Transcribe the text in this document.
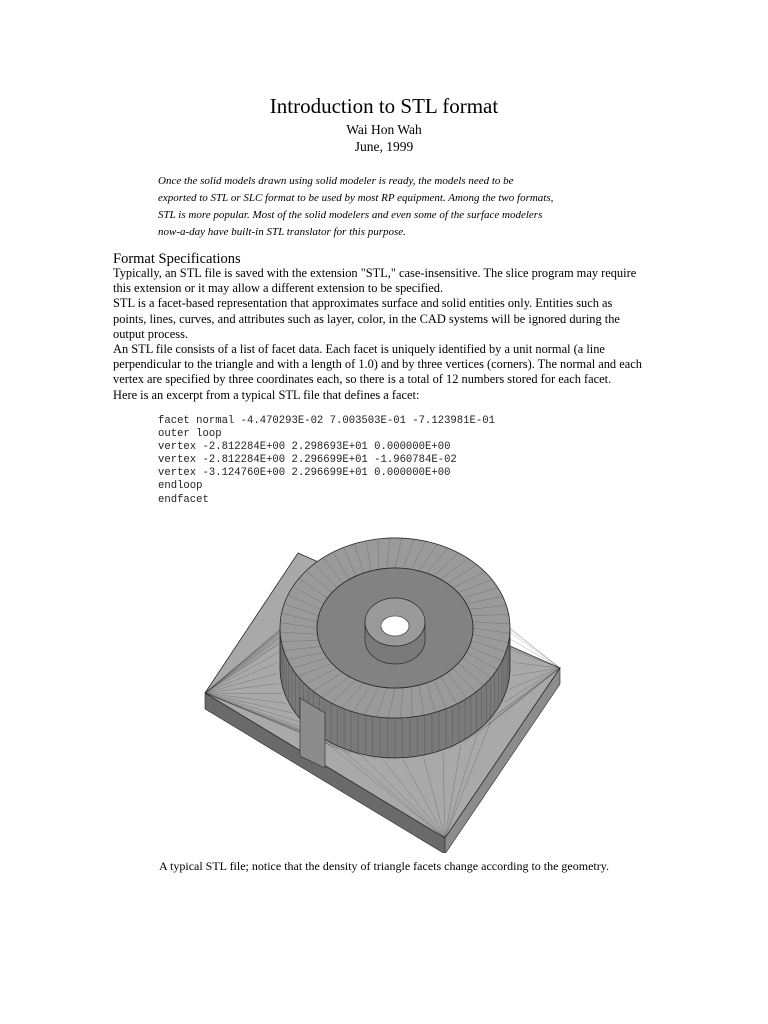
Introduction to STL format
Wai Hon Wah
June, 1999
Once the solid models drawn using solid modeler is ready, the models need to be
exported to STL or SLC format to be used by most RP equipment. Among the two formats,
STL is more popular. Most of the solid modelers and even some of the surface modelers
now-a-day have built-in STL translator for this purpose.
Format Specifications
Typically, an STL file is saved with the extension "STL," case-insensitive. The slice program may require
this extension or it may allow a different extension to be specified.
STL is a facet-based representation that approximates surface and solid entities only. Entities such as
points, lines, curves, and attributes such as layer, color, in the CAD systems will be ignored during the
output process.
An STL file consists of a list of facet data. Each facet is uniquely identified by a unit normal (a line
perpendicular to the triangle and with a length of 1.0) and by three vertices (corners). The normal and each
vertex are specified by three coordinates each, so there is a total of 12 numbers stored for each facet.
Here is an excerpt from a typical STL file that defines a facet:
facet normal -4.470293E-02 7.003503E-01 -7.123981E-01
outer loop
vertex -2.812284E+00 2.298693E+01 0.000000E+00
vertex -2.812284E+00 2.296699E+01 -1.960784E-02
vertex -3.124760E+00 2.296699E+01 0.000000E+00
endloop
endfacet
A typical STL file; notice that the density of triangle facets change according to the geometry.
